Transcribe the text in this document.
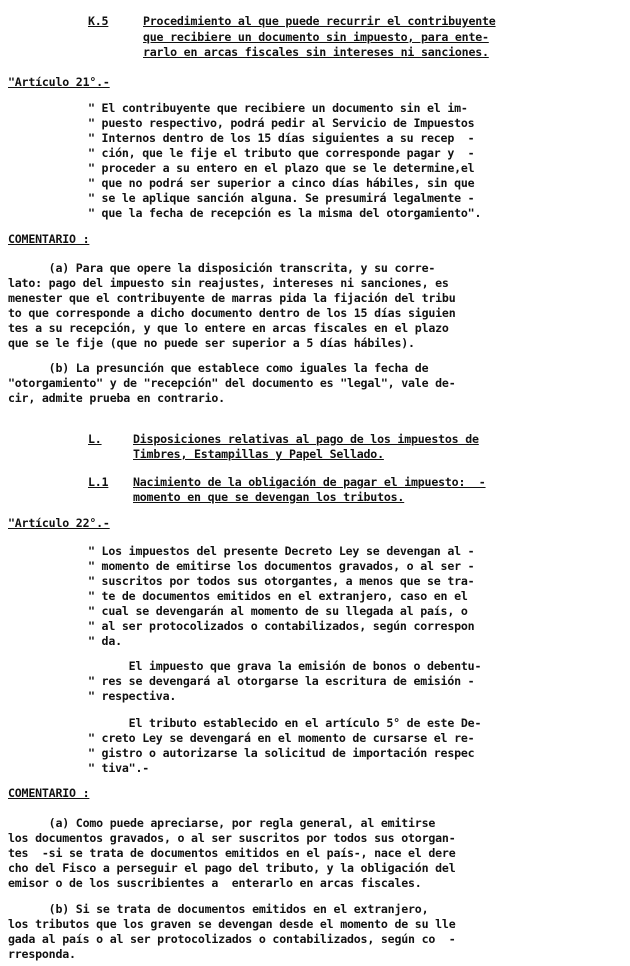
K.5	Procedimiento al que puede recurrir el contribuyente
que recibiere un documento sin impuesto, para ente-
rarlo en arcas fiscales sin intereses ni sanciones.
"Artículo 21°.-
" El contribuyente que recibiere un documento sin el im-
" puesto respectivo, podrá pedir al Servicio de Impuestos
" Internos dentro de los 15 días siguientes a su recep  -
" ción, que le fije el tributo que corresponde pagar y  -
" proceder a su entero en el plazo que se le determine,el
" que no podrá ser superior a cinco días hábiles, sin que
" se le aplique sanción alguna. Se presumirá legalmente -
" que la fecha de recepción es la misma del otorgamiento".
COMENTARIO :
(a) Para que opere la disposición transcrita, y su corre-
lato: pago del impuesto sin reajustes, intereses ni sanciones, es
menester que el contribuyente de marras pida la fijación del tribu
to que corresponde a dicho documento dentro de los 15 días siguien
tes a su recepción, y que lo entere en arcas fiscales en el plazo
que se le fije (que no puede ser superior a 5 días hábiles).
(b) La presunción que establece como iguales la fecha de
"otorgamiento" y de "recepción" del documento es "legal", vale de-
cir, admite prueba en contrario.
L.	Disposiciones relativas al pago de los impuestos de
Timbres, Estampillas y Papel Sellado.
L.1 Nacimiento de la obligación de pagar el impuesto:  -
momento en que se devengan los tributos.
"Artículo 22°.-
" Los impuestos del presente Decreto Ley se devengan al -
" momento de emitirse los documentos gravados, o al ser -
" suscritos por todos sus otorgantes, a menos que se tra-
" te de documentos emitidos en el extranjero, caso en el
" cual se devengarán al momento de su llegada al país, o
" al ser protocolizados o contabilizados, según correspon
" da.
El impuesto que grava la emisión de bonos o debentu-
" res se devengará al otorgarse la escritura de emisión -
" respectiva.
El tributo establecido en el artículo 5° de este De-
" creto Ley se devengará en el momento de cursarse el re-
" gistro o autorizarse la solicitud de importación respec
" tiva".-
COMENTARIO :
(a) Como puede apreciarse, por regla general, al emitirse
los documentos gravados, o al ser suscritos por todos sus otorgan-
tes  -si se trata de documentos emitidos en el país-, nace el dere
cho del Fisco a perseguir el pago del tributo, y la obligación del
emisor o de los suscribientes a  enterarlo en arcas fiscales.
(b) Si se trata de documentos emitidos en el extranjero,
los tributos que los graven se devengan desde el momento de su lle
gada al país o al ser protocolizados o contabilizados, según co  -
rresponda.
